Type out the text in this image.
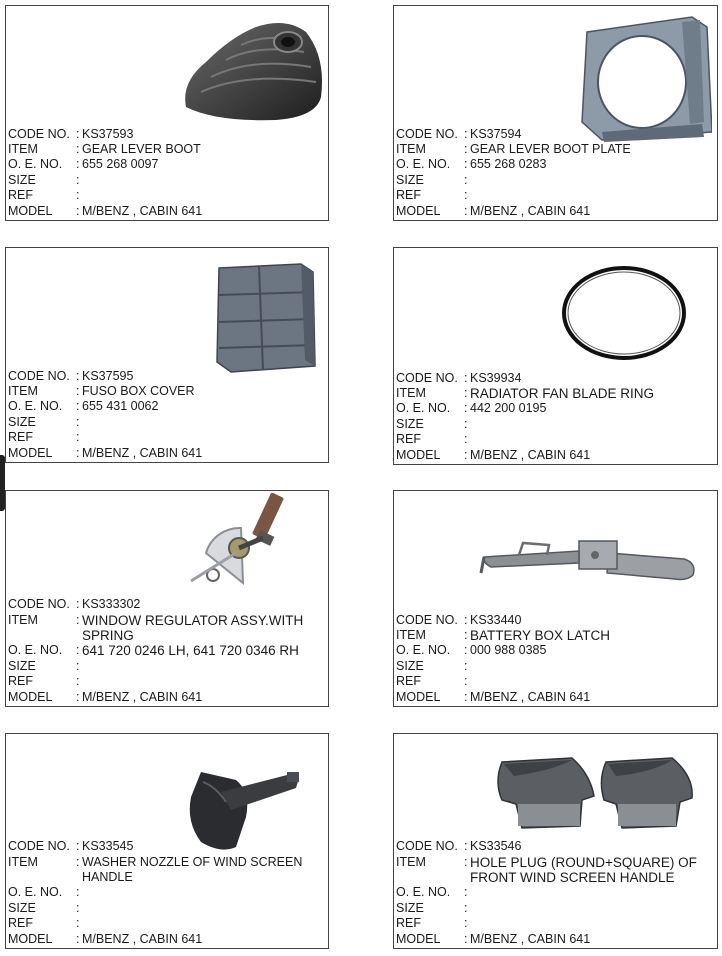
CODE NO. : KS37593
ITEM	: GEAR LEVER BOOT
O. E. NO.	: 655 268 0097
SIZE	:
REF	:
MODEL	: M/BENZ , CABIN 641
CODE NO. : KS37594
ITEM	: GEAR LEVER BOOT PLATE
O. E. NO.	: 655 268 0283
SIZE	:
REF	:
MODEL	: M/BENZ , CABIN 641
CODE NO. : KS37595
ITEM	: FUSO BOX COVER
O. E. NO.	: 655 431 0062
SIZE	:
REF	:
MODEL	: M/BENZ , CABIN 641
CODE NO. : KS39934
ITEM	: RADIATOR FAN BLADE RING
O. E. NO.	: 442 200 0195
SIZE	:
REF	:
MODEL	: M/BENZ , CABIN 641
CODE NO. : KS333302
ITEM	: WINDOW REGULATOR ASSY.WITH SPRING
O. E. NO.	: 641 720 0246 LH, 641 720 0346 RH
SIZE	:
REF	:
MODEL	: M/BENZ , CABIN 641
CODE NO. : KS33440
ITEM	: BATTERY BOX LATCH
O. E. NO.	: 000 988 0385
SIZE	:
REF	:
MODEL	: M/BENZ , CABIN 641
CODE NO. : KS33545
ITEM	: WASHER NOZZLE OF WIND SCREEN HANDLE
O. E. NO.	:
SIZE	:
REF	:
MODEL	: M/BENZ , CABIN 641
CODE NO. : KS33546
ITEM	: HOLE PLUG (ROUND+SQUARE) OF FRONT WIND SCREEN HANDLE
O. E. NO.	:
SIZE	:
REF	:
MODEL	: M/BENZ , CABIN 641
